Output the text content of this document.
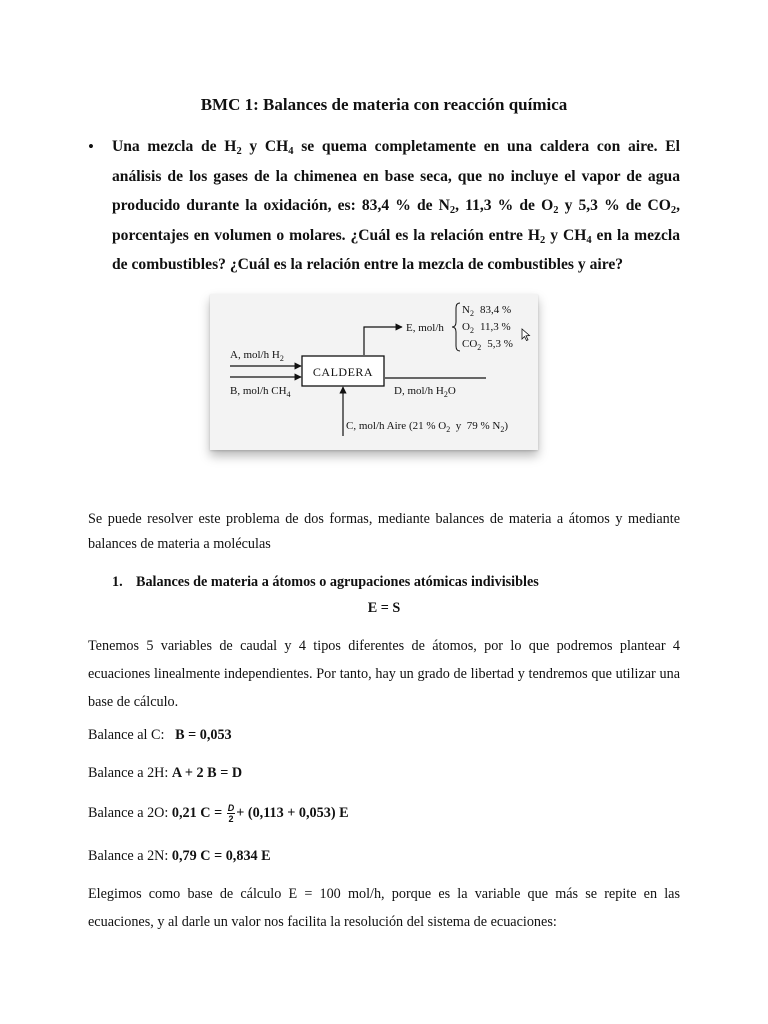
BMC 1: Balances de materia con reacción química
• Una mezcla de $H_2$ y $CH_4$ se quema completamente en una caldera con aire. El análisis de los gases de la chimenea en base seca, que no incluye el vapor de agua producido durante la oxidación, es: 83,4 % de $N_2$, 11,3 % de $O_2$ y 5,3 % de $CO_2$, porcentajes en volumen o molares. ¿Cuál es la relación entre $H_2$ y $CH_4$ en la mezcla de combustibles? ¿Cuál es la relación entre la mezcla de combustibles y aire?
CALDERA
A, mol/h $H_2$
B, mol/h $CH_4$
E, mol/h
$N_2$ 83,4 %
$O_2$ 11,3 %
$CO_2$ 5,3 %
D, mol/h $H_2O$
C, mol/h Aire (21 % $O_2$  y  79 % $N_2$)
Se puede resolver este problema de dos formas, mediante balances de materia a átomos y mediante balances de materia a moléculas
1. Balances de materia a átomos o agrupaciones atómicas indivisibles
E = S
Tenemos 5 variables de caudal y 4 tipos diferentes de átomos, por lo que podremos plantear 4 ecuaciones linealmente independientes. Por tanto, hay un grado de libertad y tendremos que utilizar una base de cálculo.
Balance al C: B = 0,053
Balance a 2H: A + 2 B = D
Balance a 2O: 0,21 $C = \frac{D}{2} + (0,113 + 0,053)$ E
Balance a 2N: 0,79 C = 0,834 E
Elegimos como base de cálculo E = 100 mol/h, porque es la variable que más se repite en las ecuaciones, y al darle un valor nos facilita la resolución del sistema de ecuaciones:
